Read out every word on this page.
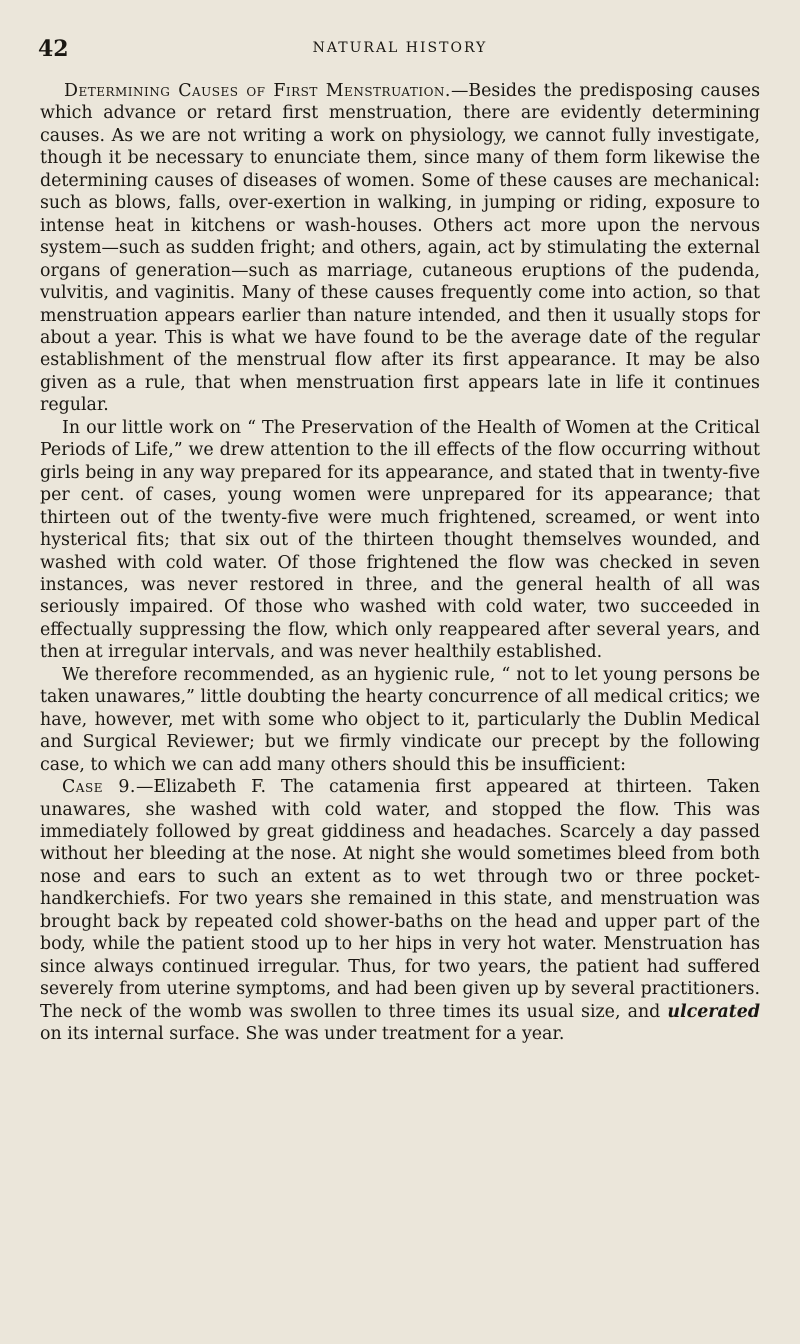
42	NATURAL HISTORY

Determining Causes of First Menstruation.—Besides the predisposing causes which advance or retard first menstruation, there are evidently determining causes. As we are not writing a work on physiology, we cannot fully investigate, though it be necessary to enunciate them, since many of them form likewise the determining causes of diseases of women. Some of these causes are mechanical: such as blows, falls, over-exertion in walking, in jumping or riding, exposure to intense heat in kitchens or wash-houses. Others act more upon the nervous system—such as sudden fright; and others, again, act by stimulating the external organs of generation—such as marriage, cutaneous eruptions of the pudenda, vulvitis, and vaginitis. Many of these causes frequently come into action, so that menstruation appears earlier than nature intended, and then it usually stops for about a year. This is what we have found to be the average date of the regular establishment of the menstrual flow after its first appearance. It may be also given as a rule, that when menstruation first appears late in life it continues regular.

In our little work on “ The Preservation of the Health of Women at the Critical Periods of Life,” we drew attention to the ill effects of the flow occurring without girls being in any way prepared for its appearance, and stated that in twenty-five per cent. of cases, young women were unprepared for its appearance; that thirteen out of the twenty-five were much frightened, screamed, or went into hysterical fits; that six out of the thirteen thought themselves wounded, and washed with cold water. Of those frightened the flow was checked in seven instances, was never restored in three, and the general health of all was seriously impaired. Of those who washed with cold water, two succeeded in effectually suppressing the flow, which only reappeared after several years, and then at irregular intervals, and was never healthily established.

We therefore recommended, as an hygienic rule, “ not to let young persons be taken unawares,” little doubting the hearty concurrence of all medical critics; we have, however, met with some who object to it, particularly the Dublin Medical and Surgical Reviewer; but we firmly vindicate our precept by the following case, to which we can add many others should this be insufficient:

Case 9.—Elizabeth F. The catamenia first appeared at thirteen. Taken unawares, she washed with cold water, and stopped the flow. This was immediately followed by great giddiness and headaches. Scarcely a day passed without her bleeding at the nose. At night she would sometimes bleed from both nose and ears to such an extent as to wet through two or three pocket-handkerchiefs. For two years she remained in this state, and menstruation was brought back by repeated cold shower-baths on the head and upper part of the body, while the patient stood up to her hips in very hot water. Menstruation has since always continued irregular. Thus, for two years, the patient had suffered severely from uterine symptoms, and had been given up by several practitioners. The neck of the womb was swollen to three times its usual size, and ulcerated on its internal surface. She was under treatment for a year.
